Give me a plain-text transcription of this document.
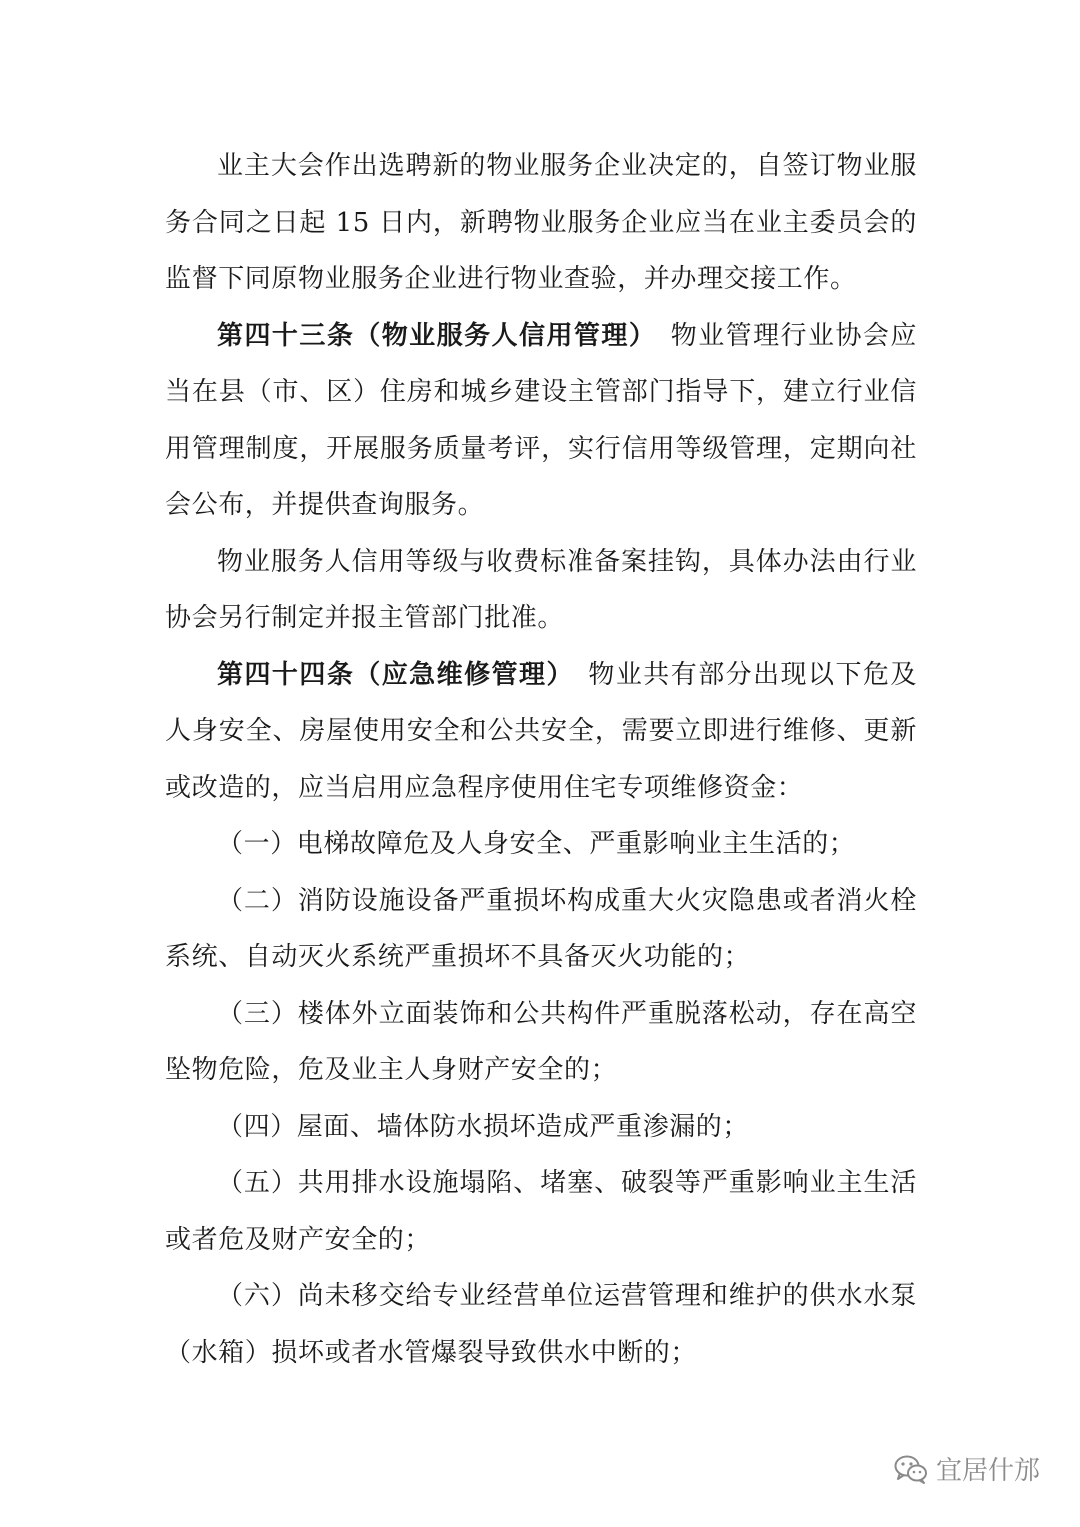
业主大会作出选聘新的物业服务企业决定的，自签订物业服务合同之日起 15 日内，新聘物业服务企业应当在业主委员会的监督下同原物业服务企业进行物业查验，并办理交接工作。

第四十三条（物业服务人信用管理）　物业管理行业协会应当在县（市、区）住房和城乡建设主管部门指导下，建立行业信用管理制度，开展服务质量考评，实行信用等级管理，定期向社会公布，并提供查询服务。

物业服务人信用等级与收费标准备案挂钩，具体办法由行业协会另行制定并报主管部门批准。

第四十四条（应急维修管理）　物业共有部分出现以下危及人身安全、房屋使用安全和公共安全，需要立即进行维修、更新或改造的，应当启用应急程序使用住宅专项维修资金：

（一）电梯故障危及人身安全、严重影响业主生活的；

（二）消防设施设备严重损坏构成重大火灾隐患或者消火栓系统、自动灭火系统严重损坏不具备灭火功能的；

（三）楼体外立面装饰和公共构件严重脱落松动，存在高空坠物危险，危及业主人身财产安全的；

（四）屋面、墙体防水损坏造成严重渗漏的；

（五）共用排水设施塌陷、堵塞、破裂等严重影响业主生活或者危及财产安全的；

（六）尚未移交给专业经营单位运营管理和维护的供水水泵（水箱）损坏或者水管爆裂导致供水中断的；

宜居什邡
